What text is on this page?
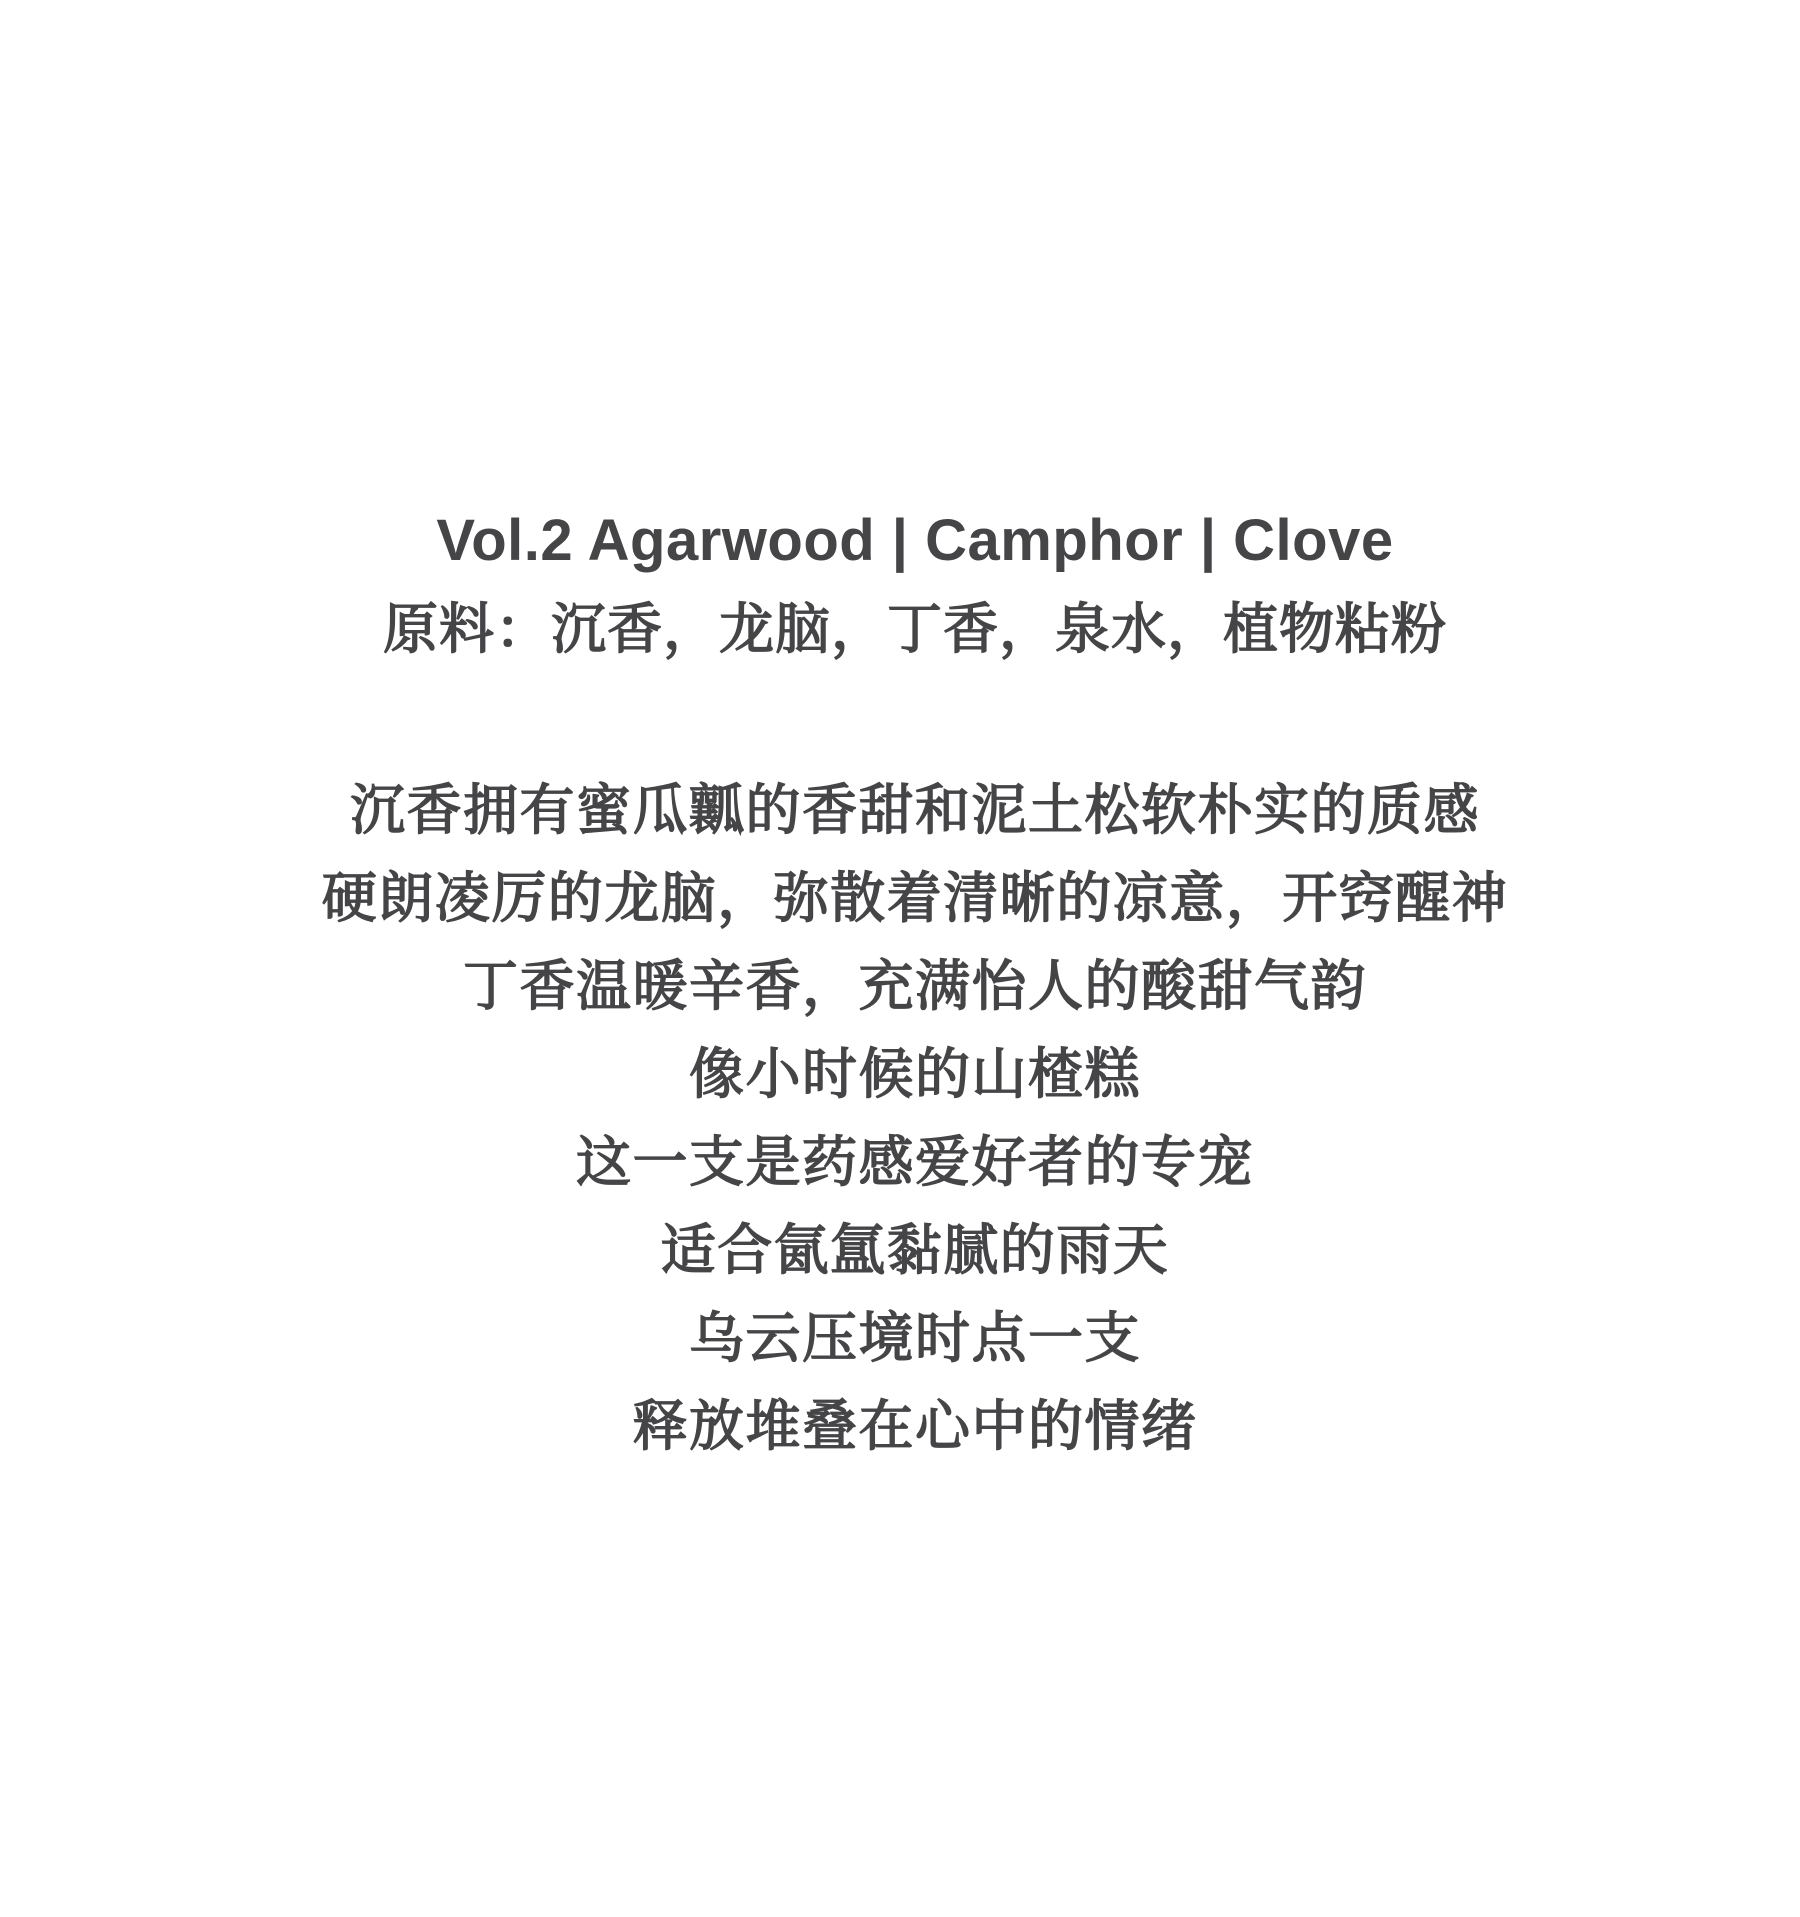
Vol.2 Agarwood | Camphor | Clove

原料：沉香，龙脑，丁香，泉水，植物粘粉

沉香拥有蜜瓜瓤的香甜和泥土松软朴实的质感
硬朗凌厉的龙脑，弥散着清晰的凉意，开窍醒神
丁香温暖辛香，充满怡人的酸甜气韵
像小时候的山楂糕
这一支是药感爱好者的专宠
适合氤氲黏腻的雨天
乌云压境时点一支
释放堆叠在心中的情绪
